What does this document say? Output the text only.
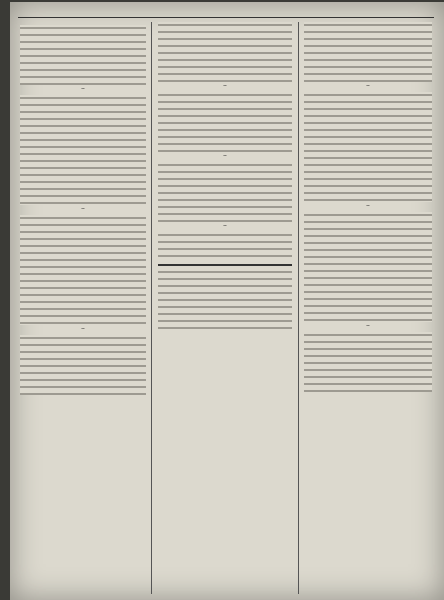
~
~
~
~
~
~
~
~
~
